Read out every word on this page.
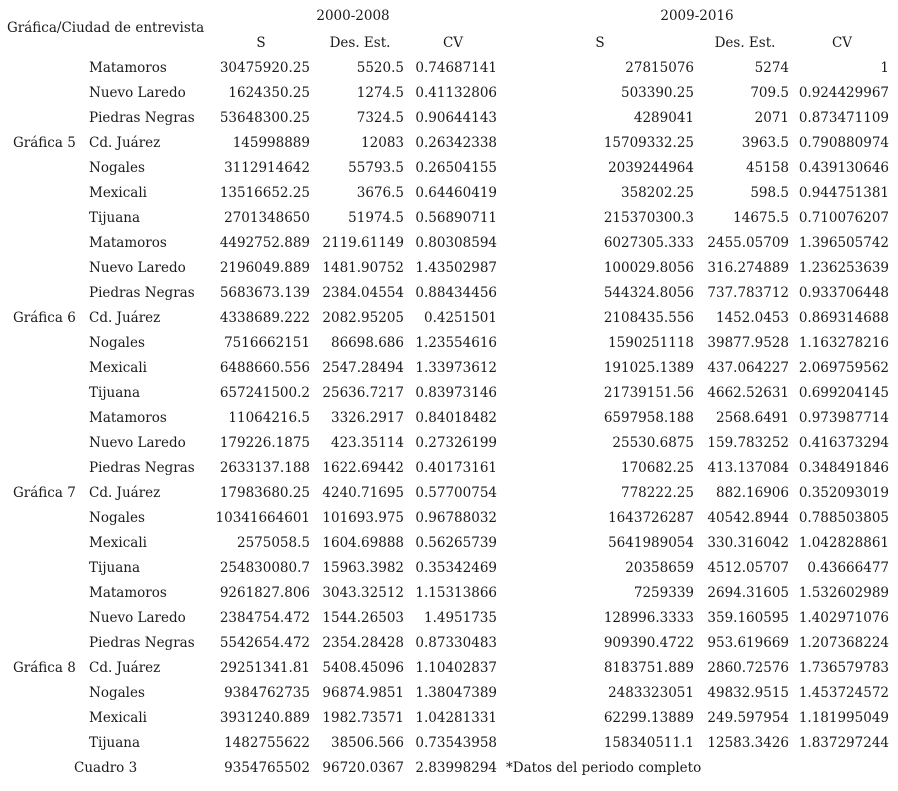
Gráfica/Ciudad de entrevista
2000-2008	2009-2016
S	Des. Est.	CV	S	Des. Est.	CV
Matamoros	30475920.25	5520.5 0.74687141	27815076	5274	1
Nuevo Laredo	1624350.25	1274.5 0.41132806	503390.25	709.5 0.924429967
Piedras Negras 53648300.25	7324.5 0.90644143	4289041	2071 0.873471109
Gráfica 5 Cd. Juárez	145998889	12083 0.26342338	15709332.25	3963.5 0.790880974
Nogales	3112914642	55793.5 0.26504155	2039244964	45158 0.439130646
Mexicali	13516652.25	3676.5 0.64460419	358202.25	598.5 0.944751381
Tijuana	2701348650	51974.5 0.56890711	215370300.3	14675.5 0.710076207
Matamoros	4492752.889 2119.61149 0.80308594	6027305.333 2455.05709 1.396505742
Nuevo Laredo	2196049.889 1481.90752 1.43502987	100029.8056 316.274889 1.236253639
Piedras Negras 5683673.139 2384.04554 0.88434456	544324.8056 737.783712 0.933706448
Gráfica 6 Cd. Juárez	4338689.222 2082.95205 0.4251501	2108435.556 1452.0453 0.869314688
Nogales	7516662151 86698.686 1.23554616	1590251118 39877.9528 1.163278216
Mexicali	6488660.556 2547.28494 1.33973612	191025.1389 437.064227 2.069759562
Tijuana	657241500.2 25636.7217 0.83973146	21739151.56 4662.52631 0.699204145
Matamoros	11064216.5 3326.2917 0.84018482	6597958.188 2568.6491 0.973987714
Nuevo Laredo	179226.1875 423.35114 0.27326199	25530.6875 159.783252 0.416373294
Piedras Negras 2633137.188 1622.69442 0.40173161	170682.25 413.137084 0.348491846
Gráfica 7 Cd. Juárez	17983680.25 4240.71695 0.57700754	778222.25 882.16906 0.352093019
Nogales	10341664601 101693.975 0.96788032	1643726287 40542.8944 0.788503805
Mexicali	2575058.5 1604.69888 0.56265739	5641989054 330.316042 1.042828861
Tijuana	254830080.7 15963.3982 0.35342469	20358659 4512.05707 0.43666477
Matamoros	9261827.806 3043.32512 1.15313866	7259339 2694.31605 1.532602989
Nuevo Laredo	2384754.472 1544.26503 1.4951735	128996.3333 359.160595 1.402971076
Piedras Negras 5542654.472 2354.28428 0.87330483	909390.4722 953.619669 1.207368224
Gráfica 8 Cd. Juárez	29251341.81 5408.45096 1.10402837	8183751.889 2860.72576 1.736579783
Nogales	9384762735 96874.9851 1.38047389	2483323051 49832.9515 1.453724572
Mexicali	3931240.889 1982.73571 1.04281331	62299.13889 249.597954 1.181995049
Tijuana	1482755622 38506.566 0.73543958	158340511.1 12583.3426 1.837297244
Cuadro 3	9354765502 96720.0367 2.83998294 *Datos del periodo completo
